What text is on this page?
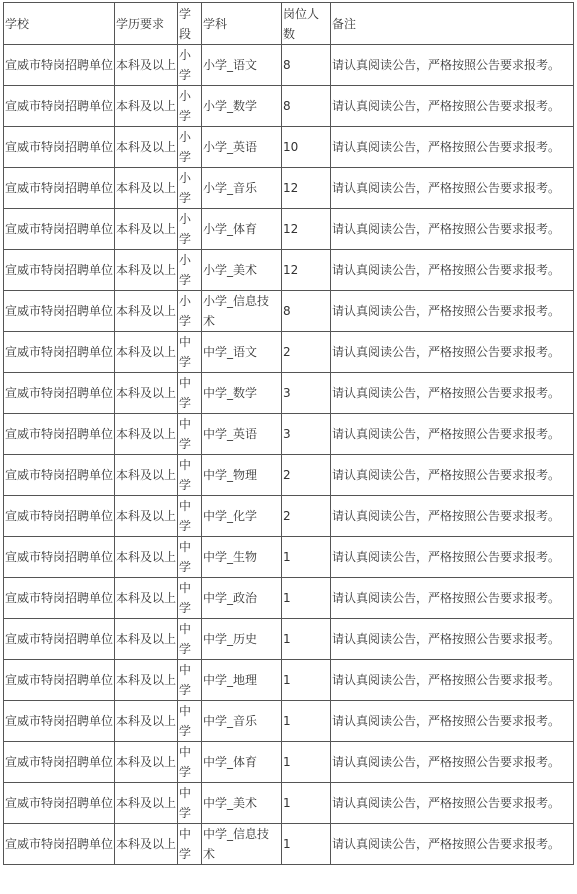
学校	学历要求	学段	学科	岗位人数	备注
宣威市特岗招聘单位	本科及以上	小学	小学_语文	8	请认真阅读公告，严格按照公告要求报考。
宣威市特岗招聘单位	本科及以上	小学	小学_数学	8	请认真阅读公告，严格按照公告要求报考。
宣威市特岗招聘单位	本科及以上	小学	小学_英语	10	请认真阅读公告，严格按照公告要求报考。
宣威市特岗招聘单位	本科及以上	小学	小学_音乐	12	请认真阅读公告，严格按照公告要求报考。
宣威市特岗招聘单位	本科及以上	小学	小学_体育	12	请认真阅读公告，严格按照公告要求报考。
宣威市特岗招聘单位	本科及以上	小学	小学_美术	12	请认真阅读公告，严格按照公告要求报考。
宣威市特岗招聘单位	本科及以上	小学	小学_信息技术	8	请认真阅读公告，严格按照公告要求报考。
宣威市特岗招聘单位	本科及以上	中学	中学_语文	2	请认真阅读公告，严格按照公告要求报考。
宣威市特岗招聘单位	本科及以上	中学	中学_数学	3	请认真阅读公告，严格按照公告要求报考。
宣威市特岗招聘单位	本科及以上	中学	中学_英语	3	请认真阅读公告，严格按照公告要求报考。
宣威市特岗招聘单位	本科及以上	中学	中学_物理	2	请认真阅读公告，严格按照公告要求报考。
宣威市特岗招聘单位	本科及以上	中学	中学_化学	2	请认真阅读公告，严格按照公告要求报考。
宣威市特岗招聘单位	本科及以上	中学	中学_生物	1	请认真阅读公告，严格按照公告要求报考。
宣威市特岗招聘单位	本科及以上	中学	中学_政治	1	请认真阅读公告，严格按照公告要求报考。
宣威市特岗招聘单位	本科及以上	中学	中学_历史	1	请认真阅读公告，严格按照公告要求报考。
宣威市特岗招聘单位	本科及以上	中学	中学_地理	1	请认真阅读公告，严格按照公告要求报考。
宣威市特岗招聘单位	本科及以上	中学	中学_音乐	1	请认真阅读公告，严格按照公告要求报考。
宣威市特岗招聘单位	本科及以上	中学	中学_体育	1	请认真阅读公告，严格按照公告要求报考。
宣威市特岗招聘单位	本科及以上	中学	中学_美术	1	请认真阅读公告，严格按照公告要求报考。
宣威市特岗招聘单位	本科及以上	中学	中学_信息技术	1	请认真阅读公告，严格按照公告要求报考。
